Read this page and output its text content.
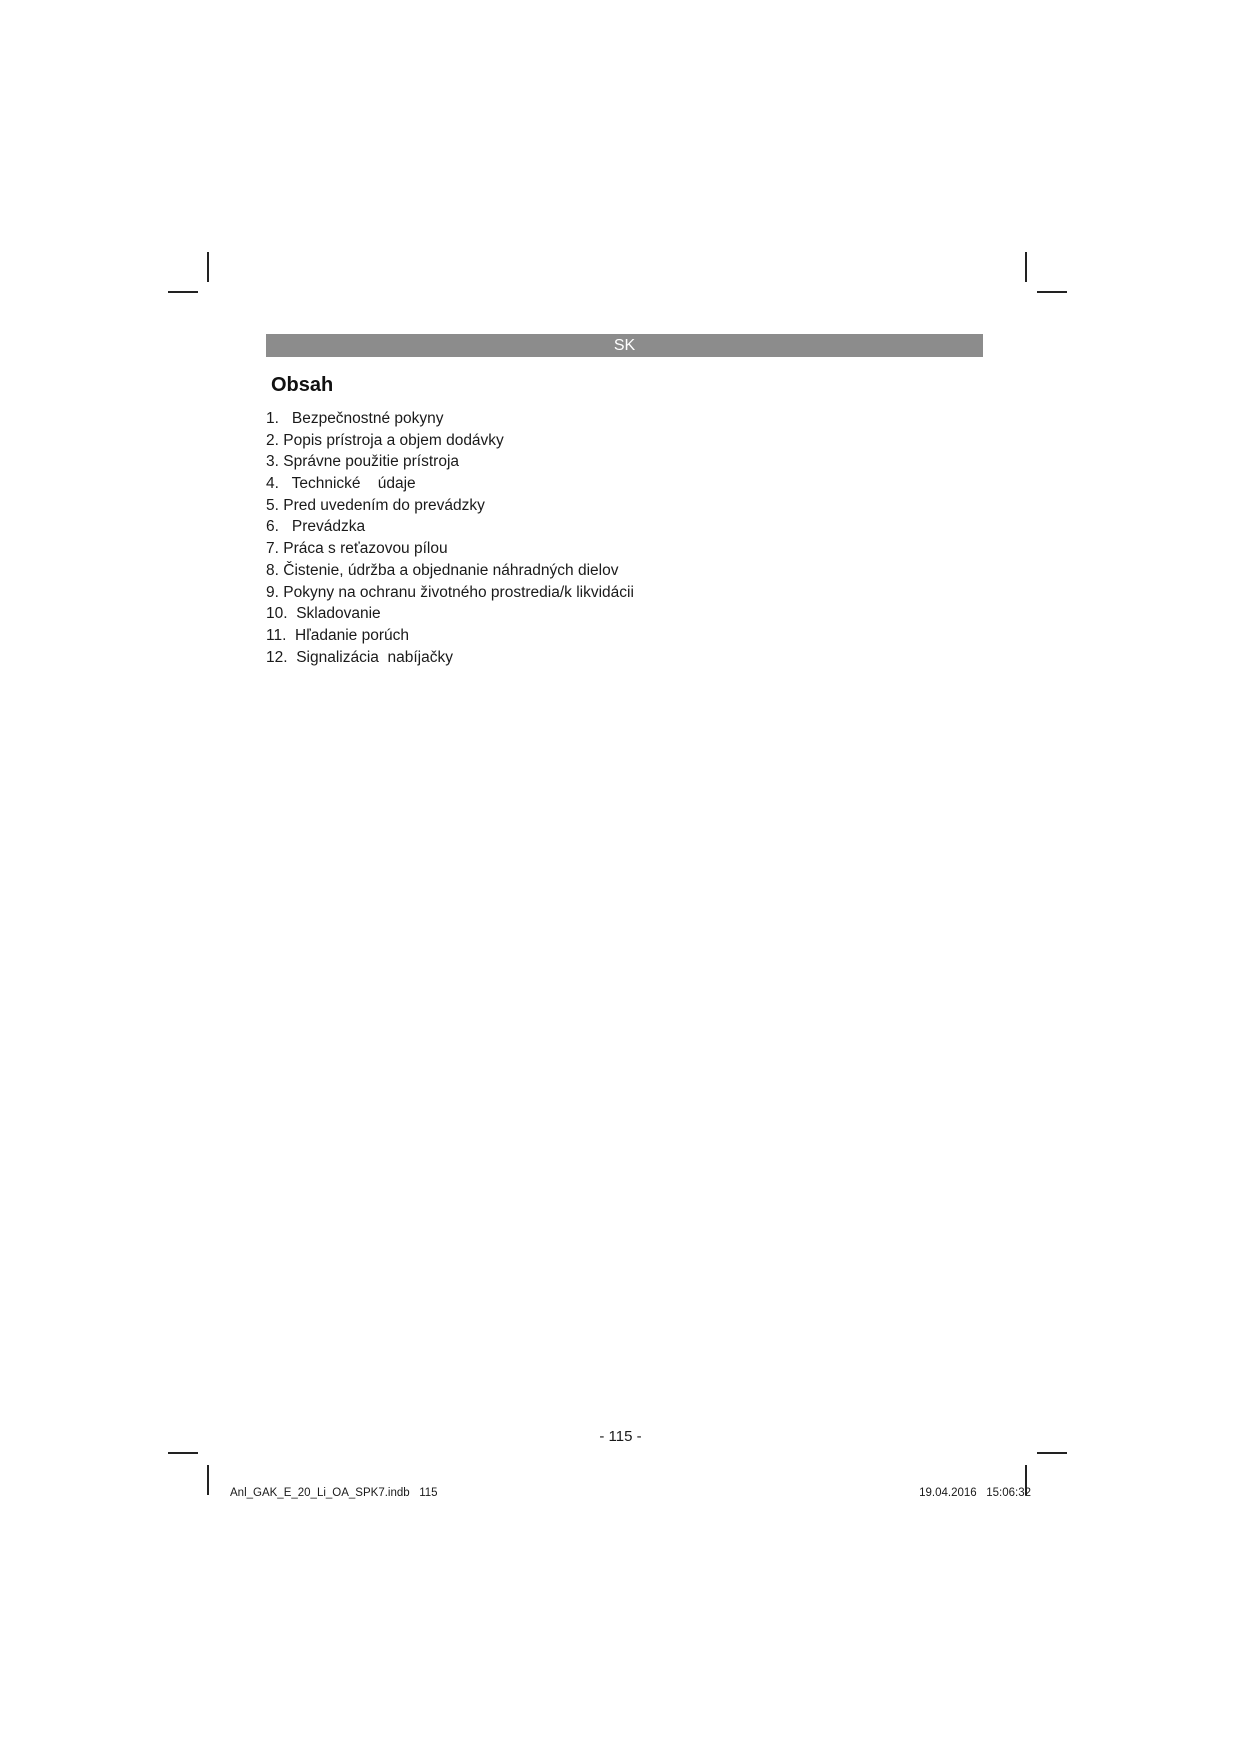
SK
Obsah
1. Bezpečnostné pokyny
2. Popis prístroja a objem dodávky
3. Správne použitie prístroja
4. Technické    údaje
5. Pred uvedením do prevádzky
6. Prevádzka
7. Práca s reťazovou pílou
8. Čistenie, údržba a objednanie náhradných dielov
9. Pokyny na ochranu životného prostredia/k likvidácii
10. Skladovanie
11. Hľadanie porúch
12. Signalizácia  nabíjačky
- 115 -
Anl_GAK_E_20_Li_OA_SPK7.indb   115	19.04.2016   15:06:32
